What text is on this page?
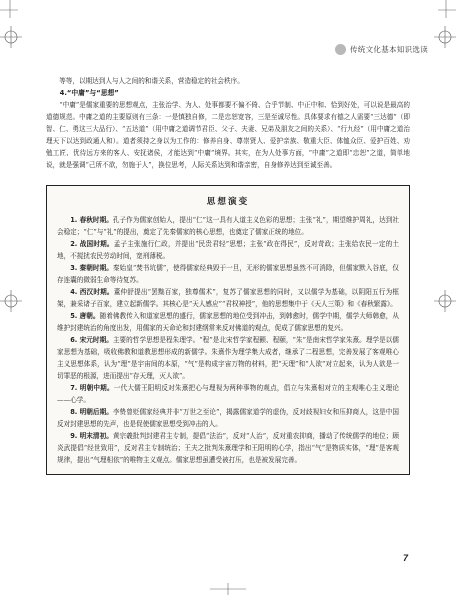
传统文化基本知识选读

等等，以期达到人与人之间的和谐关系，营造稳定的社会秩序。

4.“中庸”与“思想”

“中庸”是儒家重要的思想观点，主张治学、为人、处事都要不偏不倚、合乎节制、中正中和、恰到好处，可以说是最高的道德规范。中庸之道的主要原则有三条：一是慎独自修，二是忠恕宽容，三是至诚尽性。具体要求有德之人需要“三达德”（即智、仁、勇这三大品行）、“五达道”（用中庸之道调节君臣、父子、夫妻、兄弟及朋友之间的关系）、“行九经”（用中庸之道治理天下以达到政通人和）。道者须持之身以为工作的：修养自身、尊崇贤人、爱护亲族、敬重大臣、体恤众臣、爱护百姓、劝勉工匠、优待远方来的客人、安抚诸侯，才能达到“中庸”境界。其实，在为人处事方面，“中庸”之道即“忠恕”之道，简单地说，就是强调“己所不欲，勿施于人”，换位思考，人际关系达到和谐亲密，自身修养达到至诚至善。

思想演变

1. 春秋时期。孔子作为儒家创始人，提出“仁”这一具有人道主义色彩的思想；主张“礼”，期望维护周礼，达到社会稳定；“仁”与“礼”的提出，奠定了先秦儒家的核心思想，也奠定了儒家正统的地位。

2. 战国时期。孟子主张施行仁政，并提出“民贵君轻”思想；主张“政在得民”，反对苛政；主张给农民一定的土地，不搅扰农民劳动时间，宽刑薄税。

3. 秦朝时期。秦始皇“焚书坑儒”，使得儒家经典毁于一旦，无形的儒家思想虽然不可消除，但儒家默入谷底，仅存连囊的微弱生命等待复苏。

4. 西汉时期。董仲舒提出“罢黜百家，独尊儒术”，复苏了儒家思想的同时，又以儒学为基础，以阴阳五行为框架，兼采诸子百家，建立起新儒学。其核心是“天人感应”“君权神授”，他的思想集中于《天人三策》和《春秋繁露》。

5. 唐朝。随着佛教传入和道家思想的盛行，儒家思想的地位受到冲击，到韩愈时，儒学中期，儒学大师韩愈，从维护封建统治的角度出发，用儒家的天命论和封建纲常来反对佛道的观点，促成了儒家思想的复兴。

6. 宋元时期。主要的哲学思想是程朱理学。“程”是北宋哲学家程颢、程颐，“朱”是南宋哲学家朱熹。理学是以儒家思想为基础，吸收佛教和道教思想形成的新儒学。朱熹作为理学集大成者，继承了二程思想，完善发展了客观唯心主义思想体系，认为“理”是宇宙间的本原，“气”是构成宇宙万物的材料，把“天理”和“人欲”对立起来，认为人欲是一切罪恶的根源，进而提出“存天理，灭人欲”。

7. 明朝中期。一代大儒王阳明反对朱熹把心与理视为两种事物的观点，倡立与朱熹相对立的主观唯心主义理论——心学。

8. 明朝后期。李贽曾贬儒家经典并非“万世之至论”，揭露儒家道学的虚伪，反对歧视妇女和压抑商人，这是中国反对封建思想的先声，也是促使儒家思想受到冲击的人。

9. 明末清初。黄宗羲批判封建君主专制，提倡“法治”，反对“人治”，反对重农抑商，播动了传统儒学的地位；顾炎武提倡“经世致用”，反对君主专制统治；王夫之批判朱熹理学和王阳明的心学，指出“气”是物质实体，“理”是客观规律，提出“气理相依”的唯物主义观点。儒家思想虽遭受被打压，也是被发展完善。

7
